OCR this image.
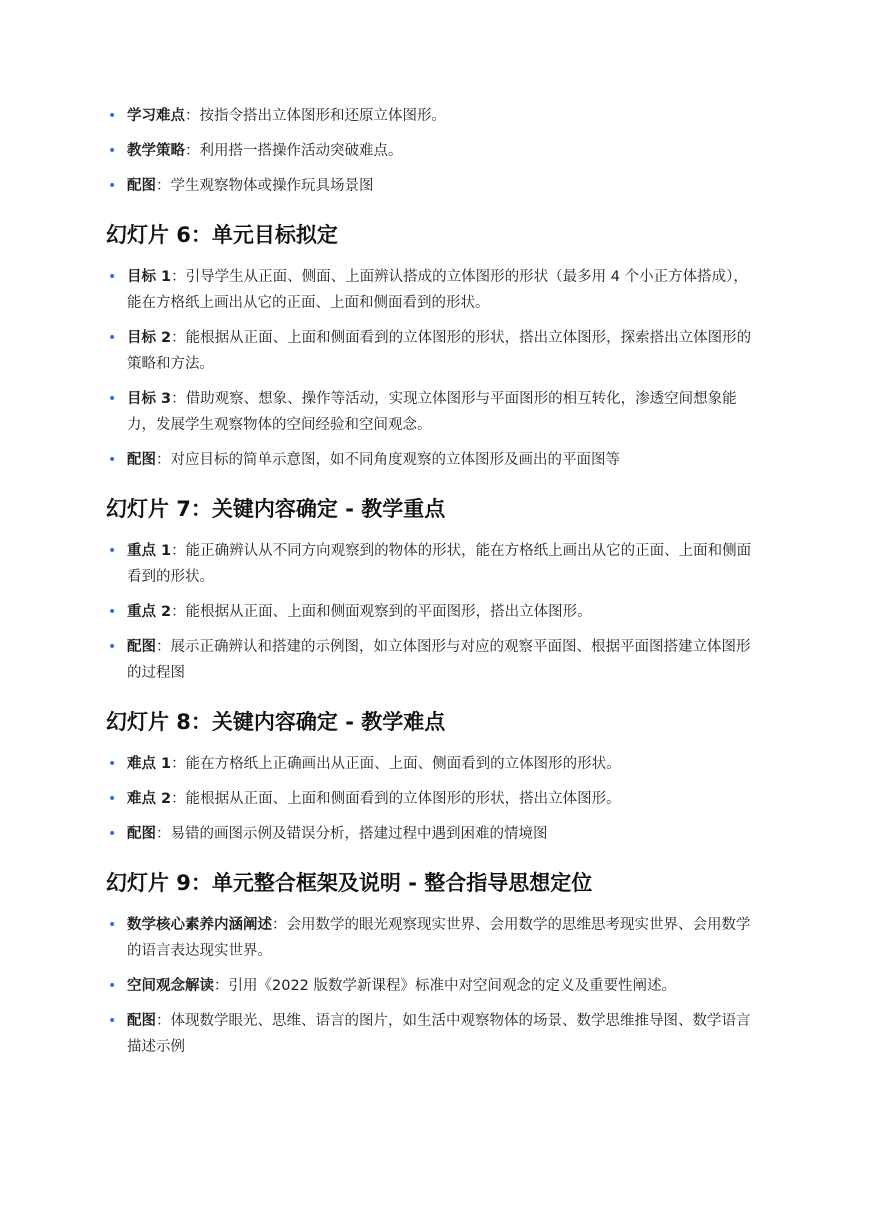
• 学习难点：按指令搭出立体图形和还原立体图形。
• 教学策略：利用搭一搭操作活动突破难点。
• 配图：学生观察物体或操作玩具场景图
幻灯片 6：单元目标拟定
• 目标 1：引导学生从正面、侧面、上面辨认搭成的立体图形的形状（最多用 4 个小正方体搭成），能在方格纸上画出从它的正面、上面和侧面看到的形状。
• 目标 2：能根据从正面、上面和侧面看到的立体图形的形状，搭出立体图形，探索搭出立体图形的策略和方法。
• 目标 3：借助观察、想象、操作等活动，实现立体图形与平面图形的相互转化，渗透空间想象能力，发展学生观察物体的空间经验和空间观念。
• 配图：对应目标的简单示意图，如不同角度观察的立体图形及画出的平面图等
幻灯片 7：关键内容确定 - 教学重点
• 重点 1：能正确辨认从不同方向观察到的物体的形状，能在方格纸上画出从它的正面、上面和侧面看到的形状。
• 重点 2：能根据从正面、上面和侧面观察到的平面图形，搭出立体图形。
• 配图：展示正确辨认和搭建的示例图，如立体图形与对应的观察平面图、根据平面图搭建立体图形的过程图
幻灯片 8：关键内容确定 - 教学难点
• 难点 1：能在方格纸上正确画出从正面、上面、侧面看到的立体图形的形状。
• 难点 2：能根据从正面、上面和侧面看到的立体图形的形状，搭出立体图形。
• 配图：易错的画图示例及错误分析，搭建过程中遇到困难的情境图
幻灯片 9：单元整合框架及说明 - 整合指导思想定位
• 数学核心素养内涵阐述：会用数学的眼光观察现实世界、会用数学的思维思考现实世界、会用数学的语言表达现实世界。
• 空间观念解读：引用《2022 版数学新课程》标准中对空间观念的定义及重要性阐述。
• 配图：体现数学眼光、思维、语言的图片，如生活中观察物体的场景、数学思维推导图、数学语言描述示例
